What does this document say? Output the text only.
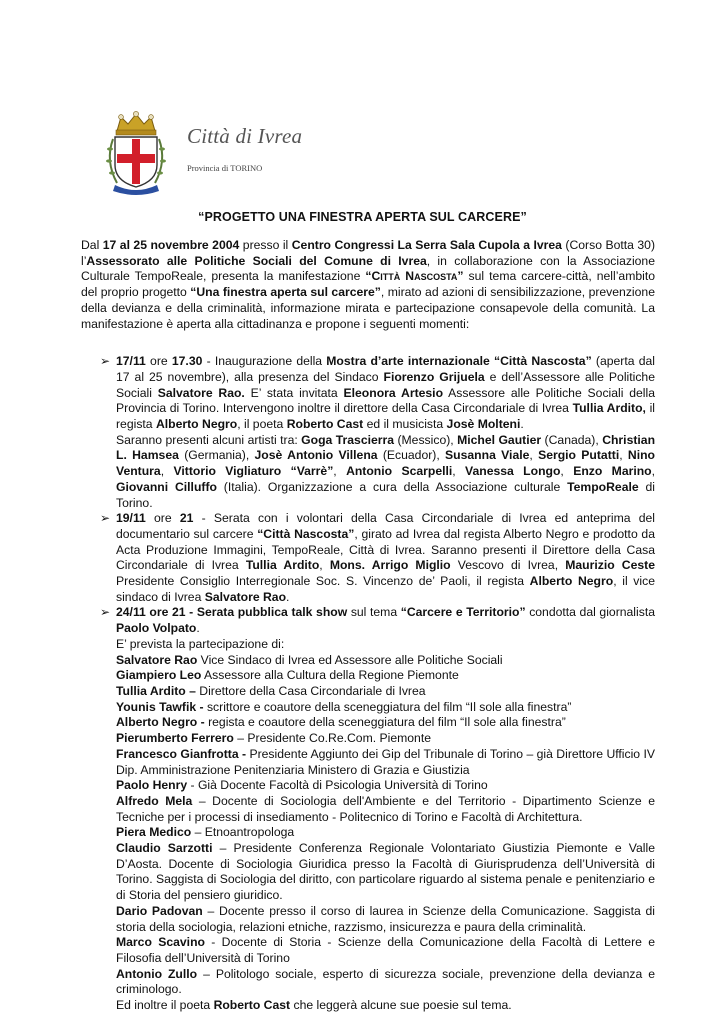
Città di Ivrea
Provincia di TORINO
“PROGETTO UNA FINESTRA APERTA SUL CARCERE”

Dal 17 al 25 novembre 2004 presso il Centro Congressi La Serra Sala Cupola a Ivrea (Corso Botta 30) l’Assessorato alle Politiche Sociali del Comune di Ivrea, in collaborazione con la Associazione Culturale TempoReale, presenta la manifestazione “Città Nascosta” sul tema carcere-città, nell’ambito del proprio progetto “Una finestra aperta sul carcere”, mirato ad azioni di sensibilizzazione, prevenzione della devianza e della criminalità, informazione mirata e partecipazione consapevole della comunità. La manifestazione è aperta alla cittadinanza e propone i seguenti momenti:

➢ 17/11 ore 17.30 - Inaugurazione della Mostra d’arte internazionale “Città Nascosta” (aperta dal 17 al 25 novembre), alla presenza del Sindaco Fiorenzo Grijuela e dell’Assessore alle Politiche Sociali Salvatore Rao. E’ stata invitata Eleonora Artesio Assessore alle Politiche Sociali della Provincia di Torino. Intervengono inoltre il direttore della Casa Circondariale di Ivrea Tullia Ardito, il regista Alberto Negro, il poeta Roberto Cast ed il musicista Josè Molteni.

Saranno presenti alcuni artisti tra: Goga Trascierra (Messico), Michel Gautier (Canada), Christian L. Hamsea (Germania), Josè Antonio Villena (Ecuador), Susanna Viale, Sergio Putatti, Nino Ventura, Vittorio Vigliaturo “Varrè”, Antonio Scarpelli, Vanessa Longo, Enzo Marino, Giovanni Cilluffo (Italia). Organizzazione a cura della Associazione culturale TempoReale di Torino.

➢ 19/11 ore 21 - Serata con i volontari della Casa Circondariale di Ivrea ed anteprima del documentario sul carcere “Città Nascosta”, girato ad Ivrea dal regista Alberto Negro e prodotto da Acta Produzione Immagini, TempoReale, Città di Ivrea. Saranno presenti il Direttore della Casa Circondariale di Ivrea Tullia Ardito, Mons. Arrigo Miglio Vescovo di Ivrea, Maurizio Ceste Presidente Consiglio Interregionale Soc. S. Vincenzo de’ Paoli, il regista Alberto Negro, il vice sindaco di Ivrea Salvatore Rao.

➢ 24/11 ore 21 - Serata pubblica talk show sul tema “Carcere e Territorio” condotta dal giornalista Paolo Volpato.

E’ prevista la partecipazione di:

Salvatore Rao Vice Sindaco di Ivrea ed Assessore alle Politiche Sociali

Giampiero Leo Assessore alla Cultura della Regione Piemonte

Tullia Ardito – Direttore della Casa Circondariale di Ivrea

Younis Tawfik - scrittore e coautore della sceneggiatura del film “Il sole alla finestra”

Alberto Negro - regista e coautore della sceneggiatura del film “Il sole alla finestra”

Pierumberto Ferrero – Presidente Co.Re.Com. Piemonte

Francesco Gianfrotta - Presidente Aggiunto dei Gip del Tribunale di Torino – già Direttore Ufficio IV Dip. Amministrazione Penitenziaria Ministero di Grazia e Giustizia

Paolo Henry - Già Docente Facoltà di Psicologia Università di Torino

Alfredo Mela – Docente di Sociologia dell'Ambiente e del Territorio - Dipartimento Scienze e Tecniche per i processi di insediamento - Politecnico di Torino e Facoltà di Architettura.

Piera Medico – Etnoantropologa

Claudio Sarzotti – Presidente Conferenza Regionale Volontariato Giustizia Piemonte e Valle D’Aosta. Docente di Sociologia Giuridica presso la Facoltà di Giurisprudenza dell’Università di Torino. Saggista di Sociologia del diritto, con particolare riguardo al sistema penale e penitenziario e di Storia del pensiero giuridico.

Dario Padovan – Docente presso il corso di laurea in Scienze della Comunicazione. Saggista di storia della sociologia, relazioni etniche, razzismo, insicurezza e paura della criminalità.

Marco Scavino - Docente di Storia - Scienze della Comunicazione della Facoltà di Lettere e Filosofia dell’Università di Torino

Antonio Zullo – Politologo sociale, esperto di sicurezza sociale, prevenzione della devianza e criminologo.

Ed inoltre il poeta Roberto Cast che leggerà alcune sue poesie sul tema.
